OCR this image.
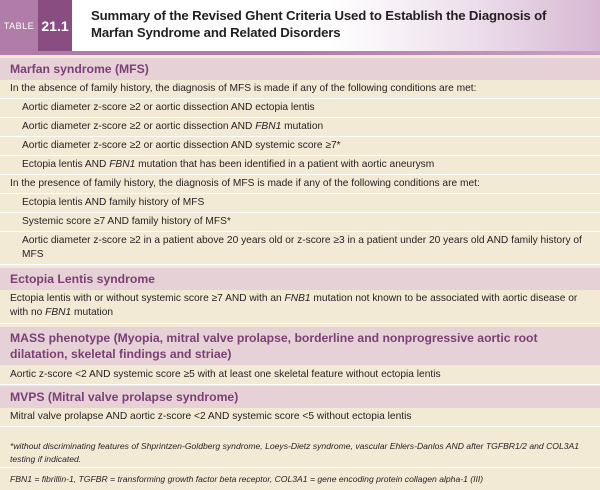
TABLE 21.1
Summary of the Revised Ghent Criteria Used to Establish the Diagnosis of Marfan Syndrome and Related Disorders
Marfan syndrome (MFS)
In the absence of family history, the diagnosis of MFS is made if any of the following conditions are met:
Aortic diameter z-score ≥2 or aortic dissection AND ectopia lentis
Aortic diameter z-score ≥2 or aortic dissection AND FBN1 mutation
Aortic diameter z-score ≥2 or aortic dissection AND systemic score ≥7*
Ectopia lentis AND FBN1 mutation that has been identified in a patient with aortic aneurysm
In the presence of family history, the diagnosis of MFS is made if any of the following conditions are met:
Ectopia lentis AND family history of MFS
Systemic score ≥7 AND family history of MFS*
Aortic diameter z-score ≥2 in a patient above 20 years old or z-score ≥3 in a patient under 20 years old AND family history of MFS
Ectopia Lentis syndrome
Ectopia lentis with or without systemic score ≥7 AND with an FNB1 mutation not known to be associated with aortic disease or with no FBN1 mutation
MASS phenotype (Myopia, mitral valve prolapse, borderline and nonprogressive aortic root dilatation, skeletal findings and striae)
Aortic z-score <2 AND systemic score ≥5 with at least one skeletal feature without ectopia lentis
MVPS (Mitral valve prolapse syndrome)
Mitral valve prolapse AND aortic z-score <2 AND systemic score <5 without ectopia lentis
*without discriminating features of Shprintzen-Goldberg syndrome, Loeys-Dietz syndrome, vascular Ehlers-Danlos AND after TGFBR1/2 and COL3A1 testing if indicated.
FBN1 = fibrillin-1, TGFBR = transforming growth factor beta receptor, COL3A1 = gene encoding protein collagen alpha-1 (III)
